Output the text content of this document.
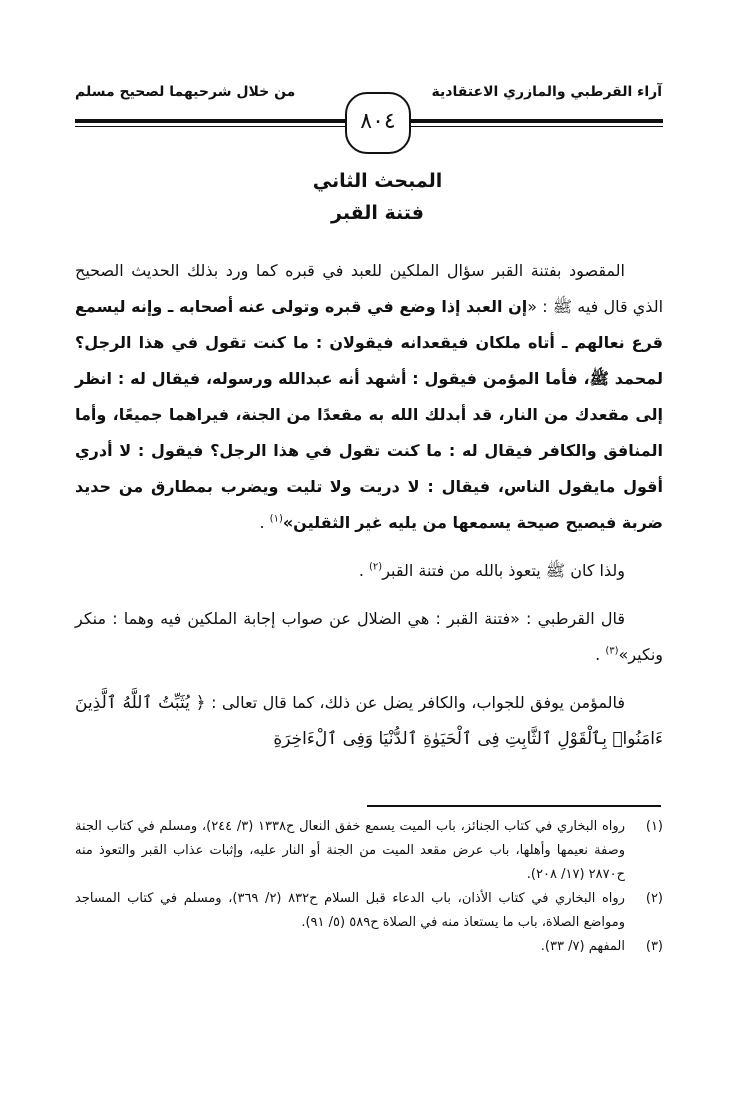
آراء القرطبي والمازري الاعتقادية
من خلال شرحيهما لصحيح مسلم
٨٠٤
المبحث الثاني
فتنة القبر

المقصود بفتنة القبر سؤال الملكين للعبد في قبره كما ورد بذلك الحديث الصحيح الذي قال فيه ﷺ : «إن العبد إذا وضع في قبره وتولى عنه أصحابه ـ وإنه ليسمع قرع نعالهم ـ أتاه ملكان فيقعدانه فيقولان : ما كنت تقول في هذا الرجل؟ لمحمد ﷺ، فأما المؤمن فيقول : أشهد أنه عبدالله ورسوله، فيقال له : انظر إلى مقعدك من النار، قد أبدلك الله به مقعدًا من الجنة، فيراهما جميعًا، وأما المنافق والكافر فيقال له : ما كنت تقول في هذا الرجل؟ فيقول : لا أدري أقول مايقول الناس، فيقال : لا دريت ولا تليت ويضرب بمطارق من حديد ضربة فيصيح صيحة يسمعها من يليه غير الثقلين»$^{(١)}$ .

ولذا كان ﷺ يتعوذ بالله من فتنة القبر$^{(٢)}$ .

قال القرطبي : «فتنة القبر : هي الضلال عن صواب إجابة الملكين فيه وهما : منكر ونكير»$^{(٣)}$ .

فالمؤمن يوفق للجواب، والكافر يضل عن ذلك، كما قال تعالى : ﴿ يُثَبِّتُ ٱللَّهُ ٱلَّذِينَ ءَامَنُوا۟ بِٱلْقَوْلِ ٱلثَّابِتِ فِى ٱلْحَيَوٰةِ ٱلدُّنْيَا وَفِى ٱلْءَاخِرَةِ

(١)
رواه البخاري في كتاب الجنائز، باب الميت يسمع خفق النعال ح١٣٣٨ (٣/ ٢٤٤)، ومسلم في كتاب الجنة وصفة نعيمها وأهلها، باب عرض مقعد الميت من الجنة أو النار عليه، وإثبات عذاب القبر والتعوذ منه ح٢٨٧٠ (١٧/ ٢٠٨).
(٢)
رواه البخاري في كتاب الأذان، باب الدعاء قبل السلام ح٨٣٢ (٢/ ٣٦٩)، ومسلم في كتاب المساجد ومواضع الصلاة، باب ما يستعاذ منه في الصلاة ح٥٨٩ (٥/ ٩١).
(٣)
المفهم (٧/ ٣٣).
